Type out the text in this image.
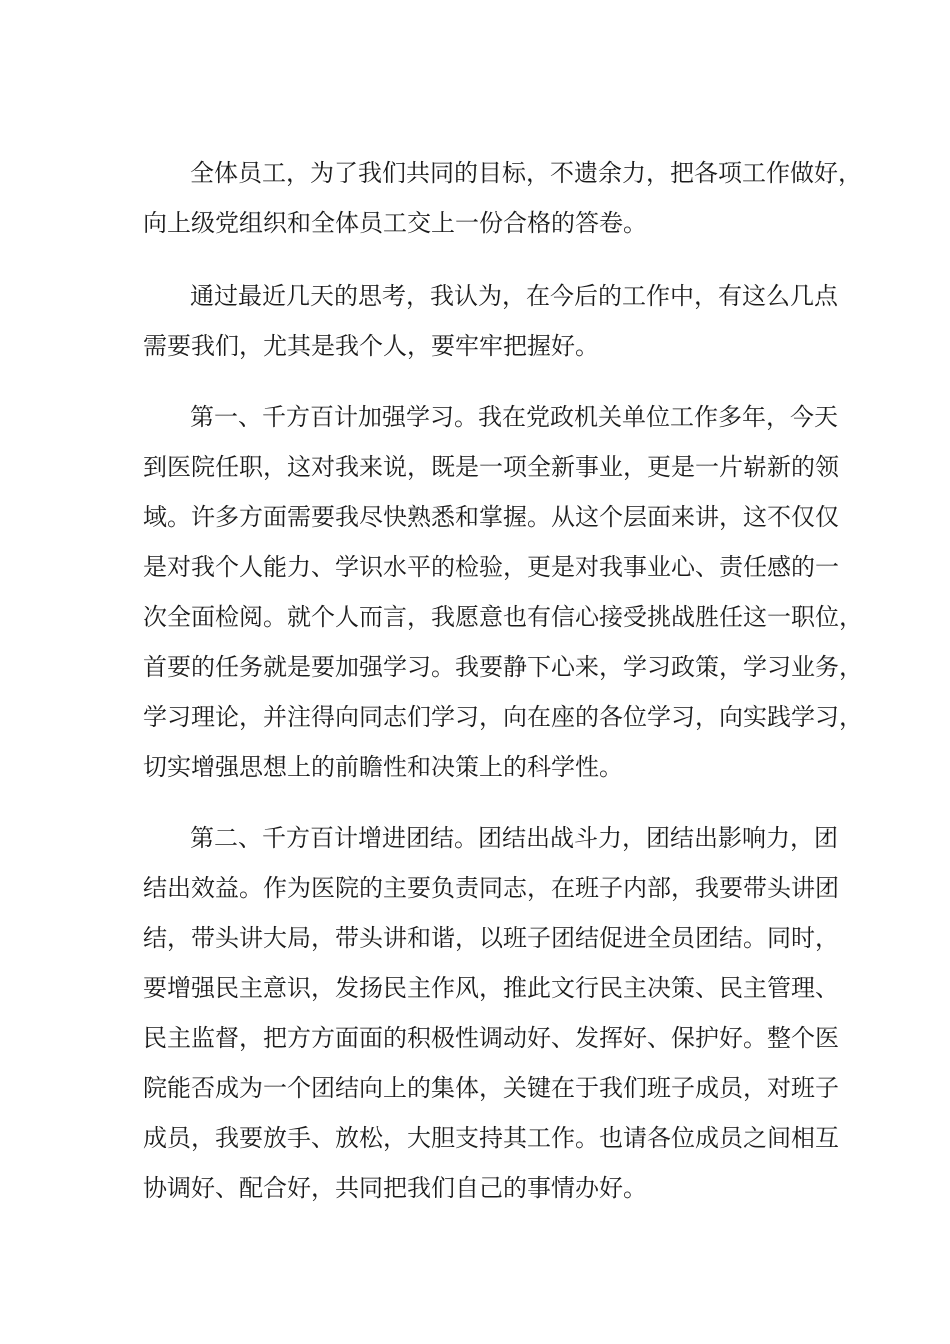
全体员工，为了我们共同的目标，不遗余力，把各项工作做好，
向上级党组织和全体员工交上一份合格的答卷。
通过最近几天的思考，我认为，在今后的工作中，有这么几点
需要我们，尤其是我个人，要牢牢把握好。
第一、千方百计加强学习。我在党政机关单位工作多年，今天
到医院任职，这对我来说，既是一项全新事业，更是一片崭新的领
域。许多方面需要我尽快熟悉和掌握。从这个层面来讲，这不仅仅
是对我个人能力、学识水平的检验，更是对我事业心、责任感的一
次全面检阅。就个人而言，我愿意也有信心接受挑战胜任这一职位，
首要的任务就是要加强学习。我要静下心来，学习政策，学习业务，
学习理论，并注得向同志们学习，向在座的各位学习，向实践学习，
切实增强思想上的前瞻性和决策上的科学性。
第二、千方百计增进团结。团结出战斗力，团结出影响力，团
结出效益。作为医院的主要负责同志，在班子内部，我要带头讲团
结，带头讲大局，带头讲和谐，以班子团结促进全员团结。同时，
要增强民主意识，发扬民主作风，推此文行民主决策、民主管理、
民主监督，把方方面面的积极性调动好、发挥好、保护好。整个医
院能否成为一个团结向上的集体，关键在于我们班子成员，对班子
成员，我要放手、放松，大胆支持其工作。也请各位成员之间相互
协调好、配合好，共同把我们自己的事情办好。
